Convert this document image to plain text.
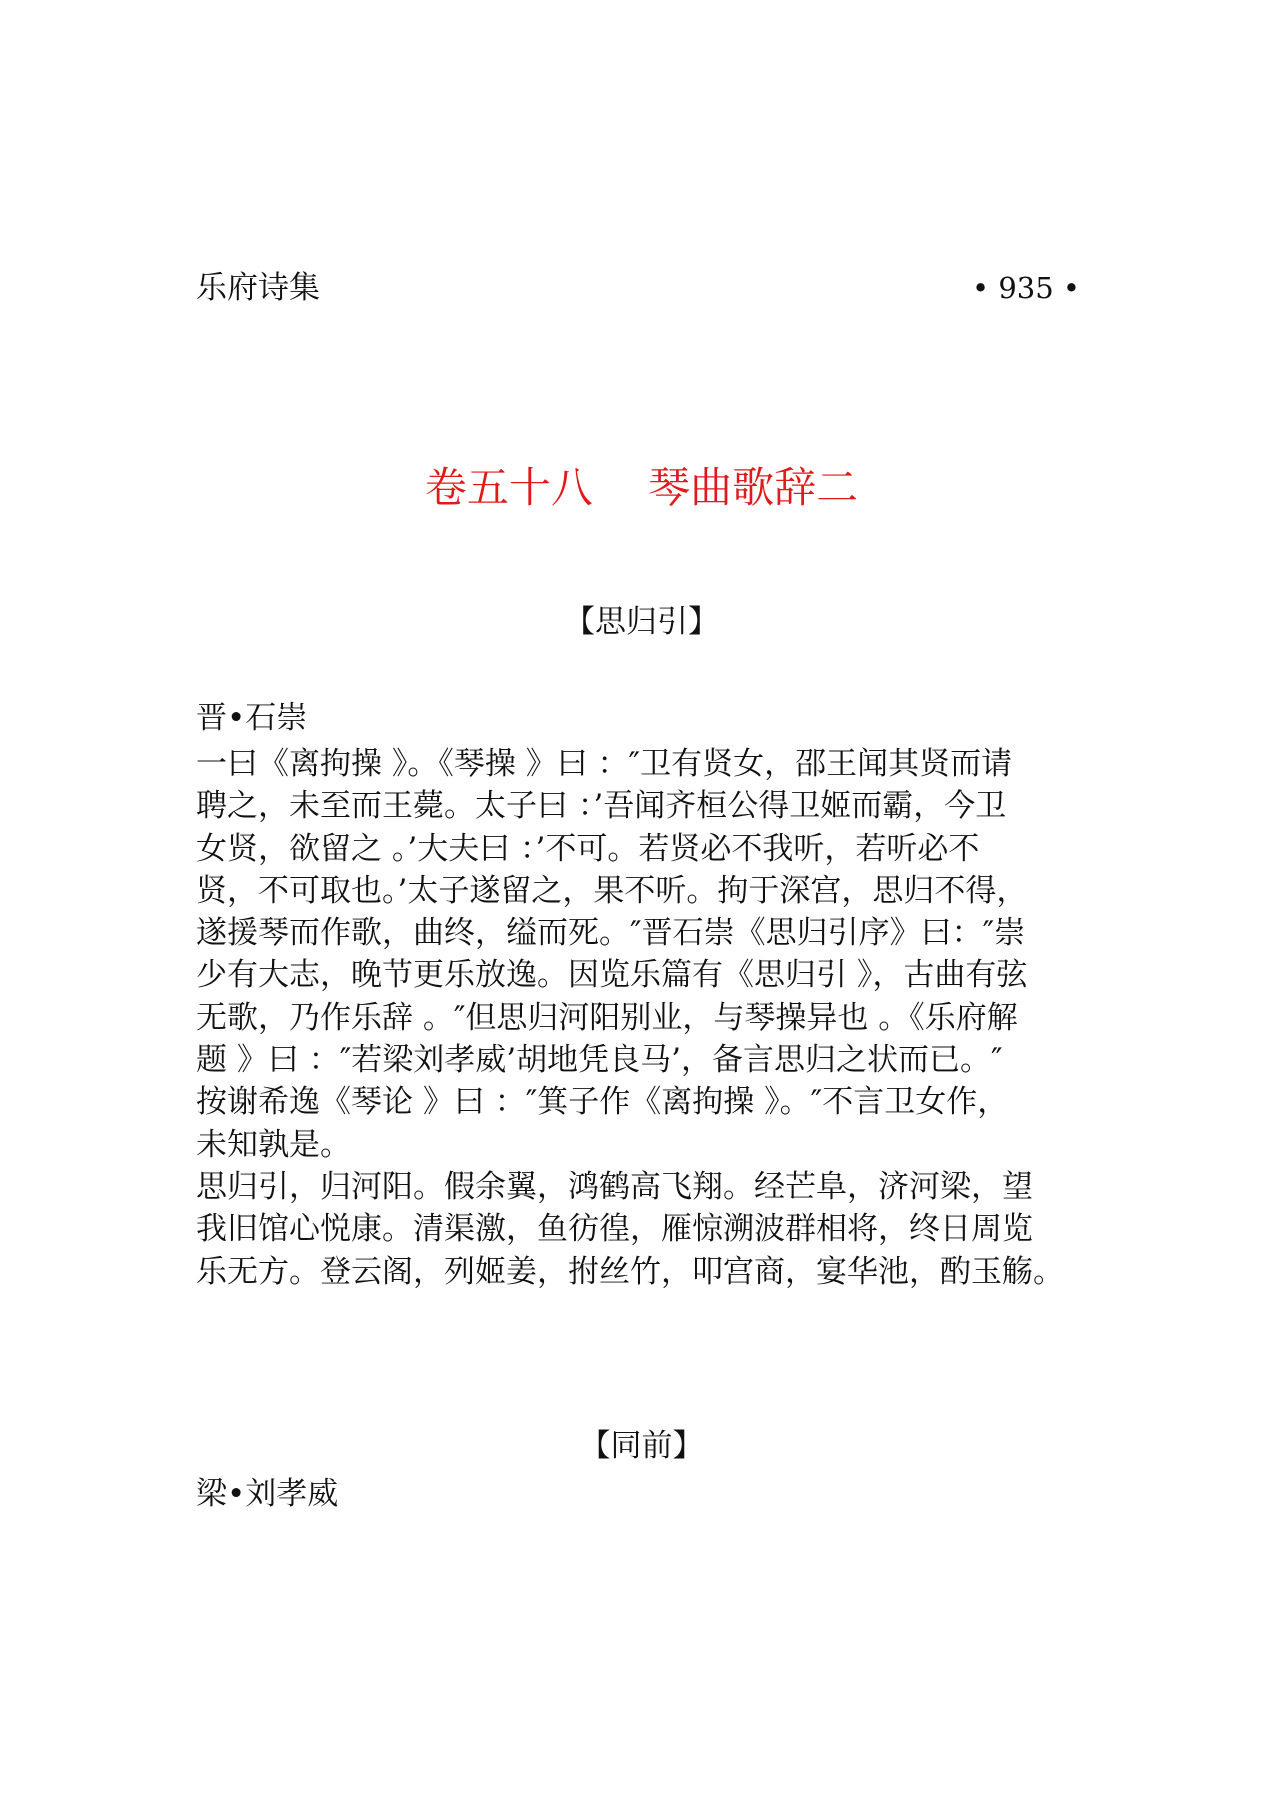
乐府诗集	• 935 •
卷五十八　 琴曲歌辞二
【思归引】
晋•石崇
一曰《离拘操 》。《琴操 》曰 ：″卫有贤女，邵王闻其贤而请
聘之，未至而王薨。太子曰 ：’吾闻齐桓公得卫姬而霸，今卫
女贤，欲留之 。’大夫曰 ：’不可。若贤必不我听，若听必不
贤，不可取也。’太子遂留之，果不听。拘于深宫，思归不得，
遂援琴而作歌，曲终，缢而死。″晋石崇《思归引序》曰：″崇
少有大志，晚节更乐放逸。因览乐篇有《思归引 》，古曲有弦
无歌，乃作乐辞 。″但思归河阳别业，与琴操异也 。《乐府解
题 》曰 ：″若梁刘孝威’胡地凭良马’，备言思归之状而已。″
按谢希逸《琴论 》曰 ：″箕子作《离拘操 》。″不言卫女作，
未知孰是。
思归引，归河阳。假余翼，鸿鹤高飞翔。经芒阜，济河梁，望
我旧馆心悦康。清渠激，鱼彷徨，雁惊溯波群相将，终日周览
乐无方。登云阁，列姬姜，拊丝竹，叩宫商，宴华池，酌玉觞。
【同前】
梁•刘孝威
